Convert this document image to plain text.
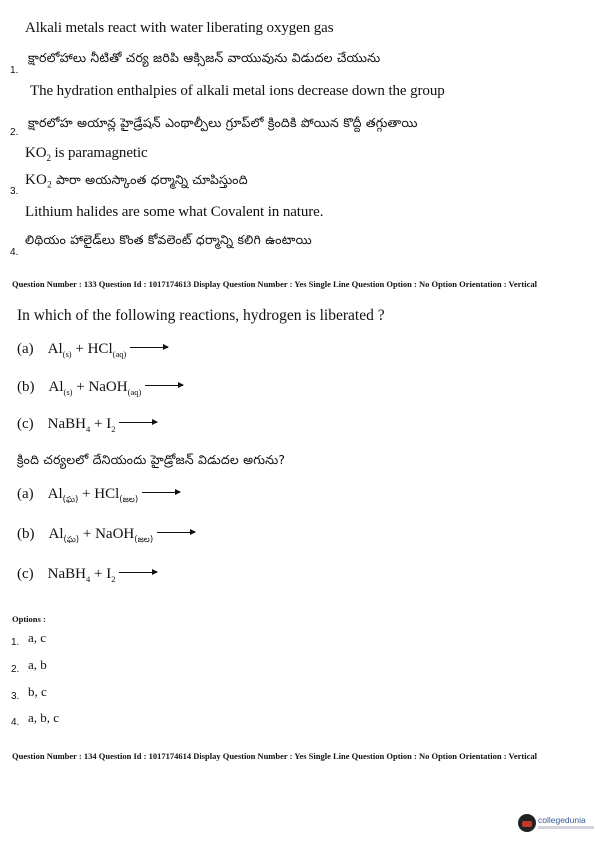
Alkali metals react with water liberating oxygen gas
క్షారలోహాలు నీటితో చర్య జరిపి ఆక్సిజన్ వాయువును విడుదల చేయును
1.
The hydration enthalpies of alkali metal ions decrease down the group
క్షారలోహ అయాన్ల హైడ్రేషన్ ఎంథాల్పీలు గ్రూప్‌లో క్రిందికి పోయిన కొద్దీ తగ్గుతాయి
2.
$KO_2$ is paramagnetic
$KO_2$ పారా అయస్కాంత ధర్మాన్ని చూపిస్తుంది
3.
Lithium halides are some what Covalent in nature.
లిథియం హాలైడ్‌లు కొంత కోవలెంట్ ధర్మాన్ని కలిగి ఉంటాయి
4.
Question Number : 133 Question Id : 1017174613 Display Question Number : Yes Single Line Question Option : No Option Orientation : Vertical
In which of the following reactions, hydrogen is liberated ?
(a) $Al_{(s)} + HCl_{(aq)}$
(b) $Al_{(s)}$ + NaOH$_{(aq)}$
(c) NaBH$_4$ + $I_2$
క్రింది చర్యలలో దేనియందు హైడ్రోజన్ విడుదల అగును?
(a) $Al_{(ఘ)} + HCl_{(జల)}$
(b) $Al_{(ఘ)}$ + NaOH$_{(జల)}$
(c) NaBH$_4$ + $I_2$
Options :
1. a, c
2. a, b
3. b, c
4. a, b, c
Question Number : 134 Question Id : 1017174614 Display Question Number : Yes Single Line Question Option : No Option Orientation : Vertical
collegedunia
